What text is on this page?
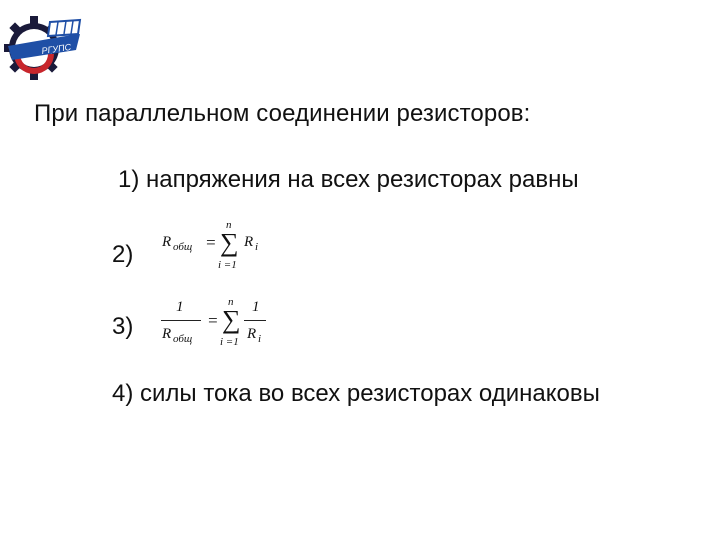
РГУПС
При параллельном соединении резисторов:
1) напряжения на всех резисторах равны
2) R общ =
n
∑
i =1
R i
3)
1
R общ
=
n
∑
i =1
1
R i
4) силы тока во всех резисторах одинаковы
